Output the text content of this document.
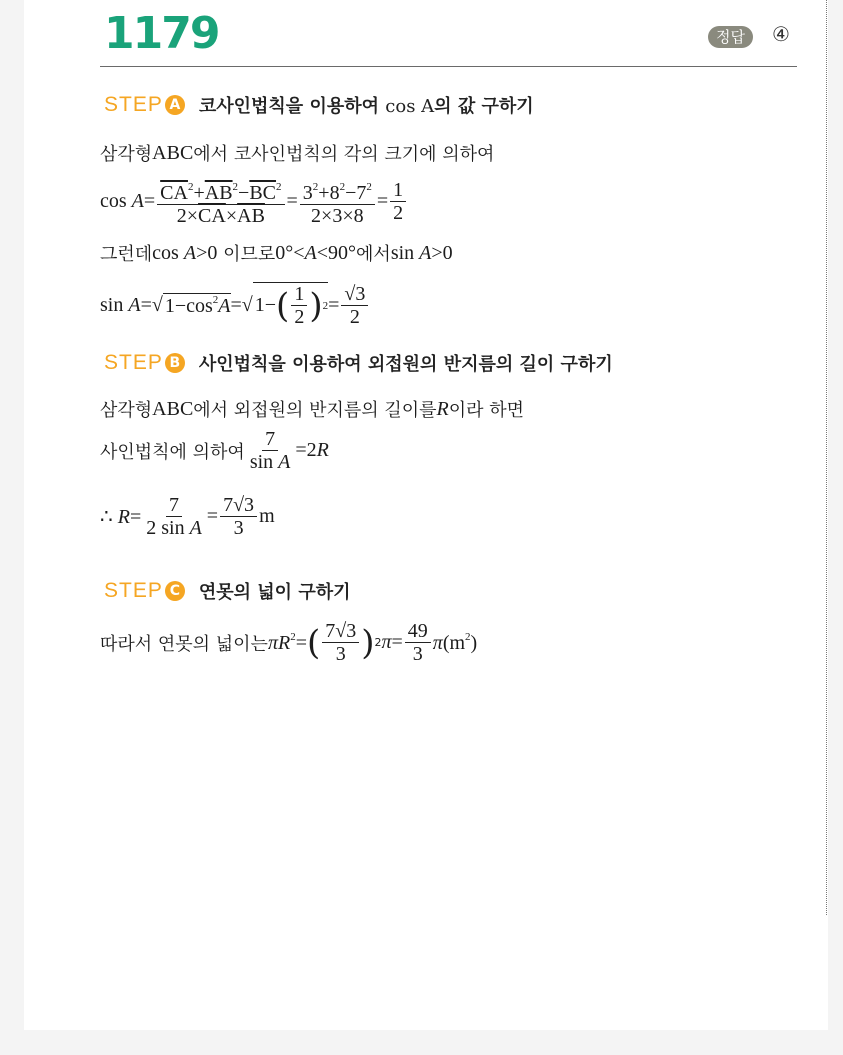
1179	정답	④
STEP A 코사인법칙을 이용하여 cos A의 값 구하기
삼각형 ABC 에서 코사인법칙의 각의 크기에 의하여
$\cos A= \frac{\overline{CA}^2+\overline{AB}^2-\overline{BC}^2}{2\times\overline{CA}\times\overline{AB}} = \frac{3^2+8^2-7^2}{2\times 3\times 8} = \frac{1}{2}$
그런데 cos A>0
이므로 0°<A<90° 에서 sin A>0
sin A= √ $1-\cos^2A$ = √ 1− ( $\frac{1}{2}$ ) $2 = \frac{√3}{2}$
STEP B 사인법칙을 이용하여 외접원의 반지름의 길이 구하기
삼각형 ABC 에서 외접원의 반지름의 길이를 R 이라 하면
사인법칙에 의하여 $\frac{7}{\text{sin A}} =2R$
∴ $R= \frac{7}{\text{2 sin A}} = \frac{7√3}{3}$ m
STEP C 연못의 넓이 구하기
따라서 연못의 넓이는 $\pi R^2=$ ( $\frac{7√3}{3}$ ) 2 $\pi = \frac{49}{3} \pi(m^2)$
